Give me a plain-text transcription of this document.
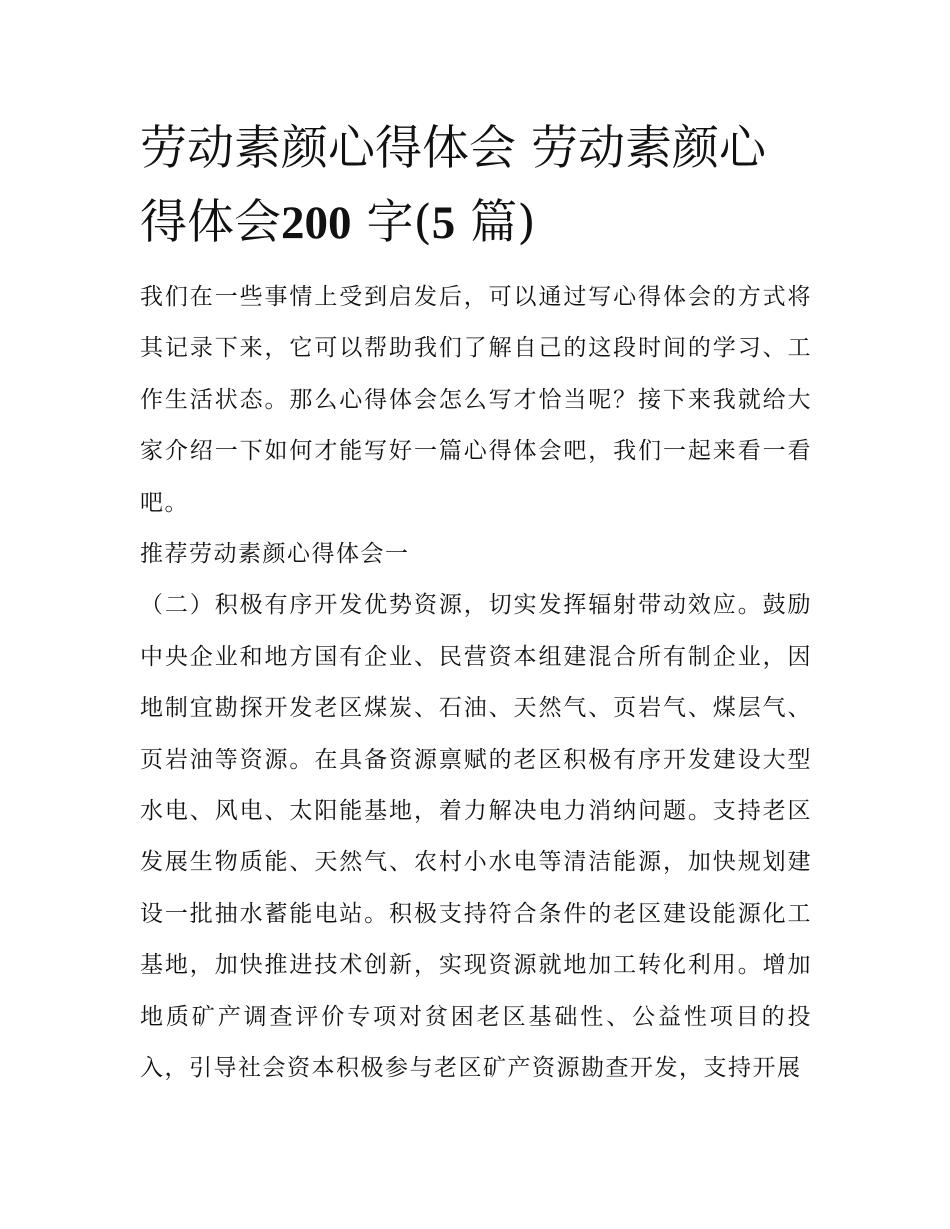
劳动素颜心得体会 劳动素颜心得体会200 字(5 篇)

我们在一些事情上受到启发后，可以通过写心得体会的方式将其记录下来，它可以帮助我们了解自己的这段时间的学习、工作生活状态。那么心得体会怎么写才恰当呢？接下来我就给大家介绍一下如何才能写好一篇心得体会吧，我们一起来看一看吧。

推荐劳动素颜心得体会一

（二）积极有序开发优势资源，切实发挥辐射带动效应。鼓励中央企业和地方国有企业、民营资本组建混合所有制企业，因地制宜勘探开发老区煤炭、石油、天然气、页岩气、煤层气、页岩油等资源。在具备资源禀赋的老区积极有序开发建设大型水电、风电、太阳能基地，着力解决电力消纳问题。支持老区发展生物质能、天然气、农村小水电等清洁能源，加快规划建设一批抽水蓄能电站。积极支持符合条件的老区建设能源化工基地，加快推进技术创新，实现资源就地加工转化利用。增加地质矿产调查评价专项对贫困老区基础性、公益性项目的投入，引导社会资本积极参与老区矿产资源勘查开发，支持开展
